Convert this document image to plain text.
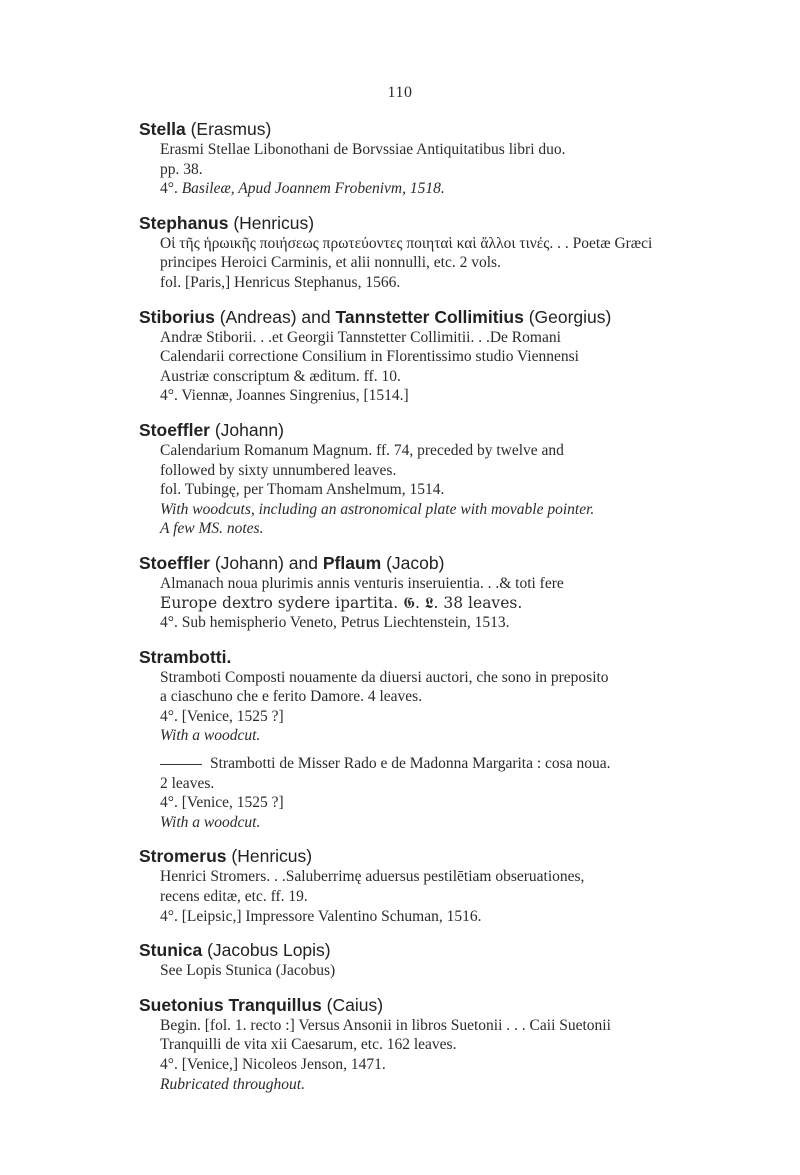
110
Stella (Erasmus)

Erasmi Stellae Libonothani de Borvssiae Antiquitatibus libri duo.

pp. 38.

4°. Basileæ, Apud Joannem Frobenivm, 1518.

Stephanus (Henricus)

Οἱ τῆς ἡρωικῆς ποιήσεως πρωτεύοντες ποιηταὶ καὶ ἄλλοι τινές. . . Poetæ Græci

principes Heroici Carminis, et alii nonnulli, etc. 2 vols.

fol. [Paris,] Henricus Stephanus, 1566.

Stiborius (Andreas) and Tannstetter Collimitius (Georgius)

Andræ Stiborii. . .et Georgii Tannstetter Collimitii. . .De Romani

Calendarii correctione Consilium in Florentissimo studio Viennensi

Austriæ conscriptum & æditum. ff. 10.

4°. Viennæ, Joannes Singrenius, [1514.]

Stoeffler (Johann)

Calendarium Romanum Magnum. ff. 74, preceded by twelve and

followed by sixty unnumbered leaves.

fol. Tubingę, per Thomam Anshelmum, 1514.

With woodcuts, including an astronomical plate with movable pointer.

A few MS. notes.

Stoeffler (Johann) and Pflaum (Jacob)

Almanach noua plurimis annis venturis inseruientia. . .& toti fere

Europe dextro sydere ipartita. 𝕲. 𝕷. 38 leaves.

4°. Sub hemispherio Veneto, Petrus Liechtenstein, 1513.

Strambotti.

Stramboti Composti nouamente da diuersi auctori, che sono in preposito

a ciaschuno che e ferito Damore. 4 leaves.

4°. [Venice, 1525 ?]

With a woodcut.

Strambotti de Misser Rado e de Madonna Margarita : cosa noua.

2 leaves.

4°. [Venice, 1525 ?]

With a woodcut.

Stromerus (Henricus)

Henrici Stromers. . .Saluberrimę aduersus pestilētiam obseruationes,

recens editæ, etc. ff. 19.

4°. [Leipsic,] Impressore Valentino Schuman, 1516.

Stunica (Jacobus Lopis)

See Lopis Stunica (Jacobus)

Suetonius Tranquillus (Caius)

Begin. [fol. 1. recto :] Versus Ansonii in libros Suetonii . . . Caii Suetonii

Tranquilli de vita xii Caesarum, etc. 162 leaves.

4°. [Venice,] Nicoleos Jenson, 1471.

Rubricated throughout.
